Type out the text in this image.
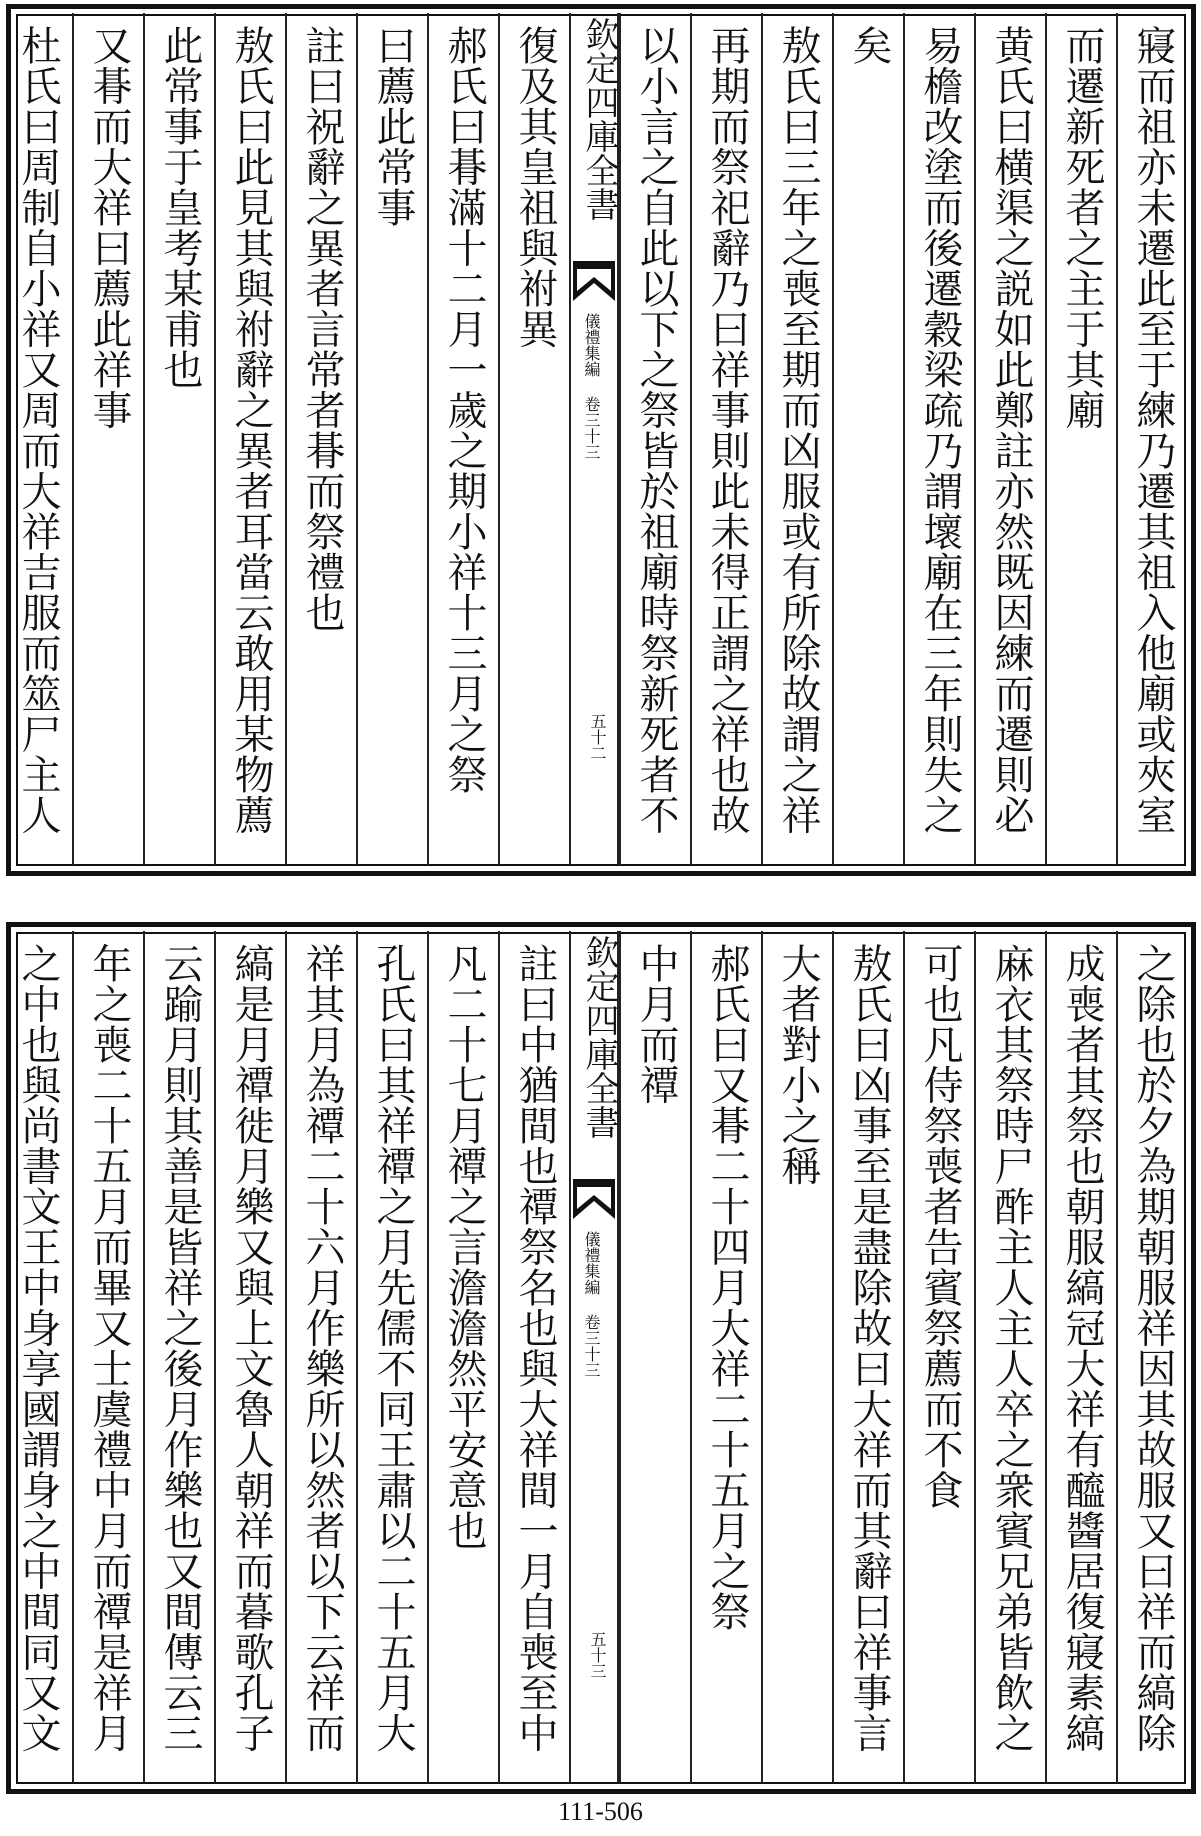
寢而祖亦未遷此至于練乃遷其祖入他廟或夾室
而遷新死者之主于其廟
黄氏曰横渠之説如此鄭註亦然既因練而遷則必
易檐改塗而後遷穀梁疏乃謂壞廟在三年則失之
矣
敖氏曰三年之喪至期而凶服或有所除故謂之祥
再期而祭祀辭乃曰祥事則此未得正謂之祥也故
以小言之自此以下之祭皆於祖廟時祭新死者不
欽定四庫全書
儀禮集編 卷三十三
五十二
復及其皇祖與祔異
郝氏曰朞滿十二月一歲之期小祥十三月之祭
曰薦此常事
註曰祝辭之異者言常者朞而祭禮也
敖氏曰此見其與祔辭之異者耳當云敢用某物薦
此常事于皇考某甫也
又朞而大祥曰薦此祥事
杜氏曰周制自小祥又周而大祥吉服而筮尸主人
之除也於夕為期朝服祥因其故服又曰祥而縞除
成喪者其祭也朝服縞冠大祥有醯醬居復寢素縞
麻衣其祭時尸酢主人主人卒之衆賓兄弟皆飲之
可也凡侍祭喪者告賓祭薦而不食
敖氏曰凶事至是盡除故曰大祥而其辭曰祥事言
大者對小之稱
郝氏曰又朞二十四月大祥二十五月之祭
中月而禫
欽定四庫全書
儀禮集編 卷三十三
五十三
註曰中猶間也禫祭名也與大祥間一月自喪至中
凡二十七月禫之言澹澹然平安意也
孔氏曰其祥禫之月先儒不同王肅以二十五月大
祥其月為禫二十六月作樂所以然者以下云祥而
縞是月禫徙月樂又與上文魯人朝祥而暮歌孔子
云踰月則其善是皆祥之後月作樂也又間傳云三
年之喪二十五月而畢又士虞禮中月而禫是祥月
之中也與尚書文王中身享國謂身之中間同又文
111-506
